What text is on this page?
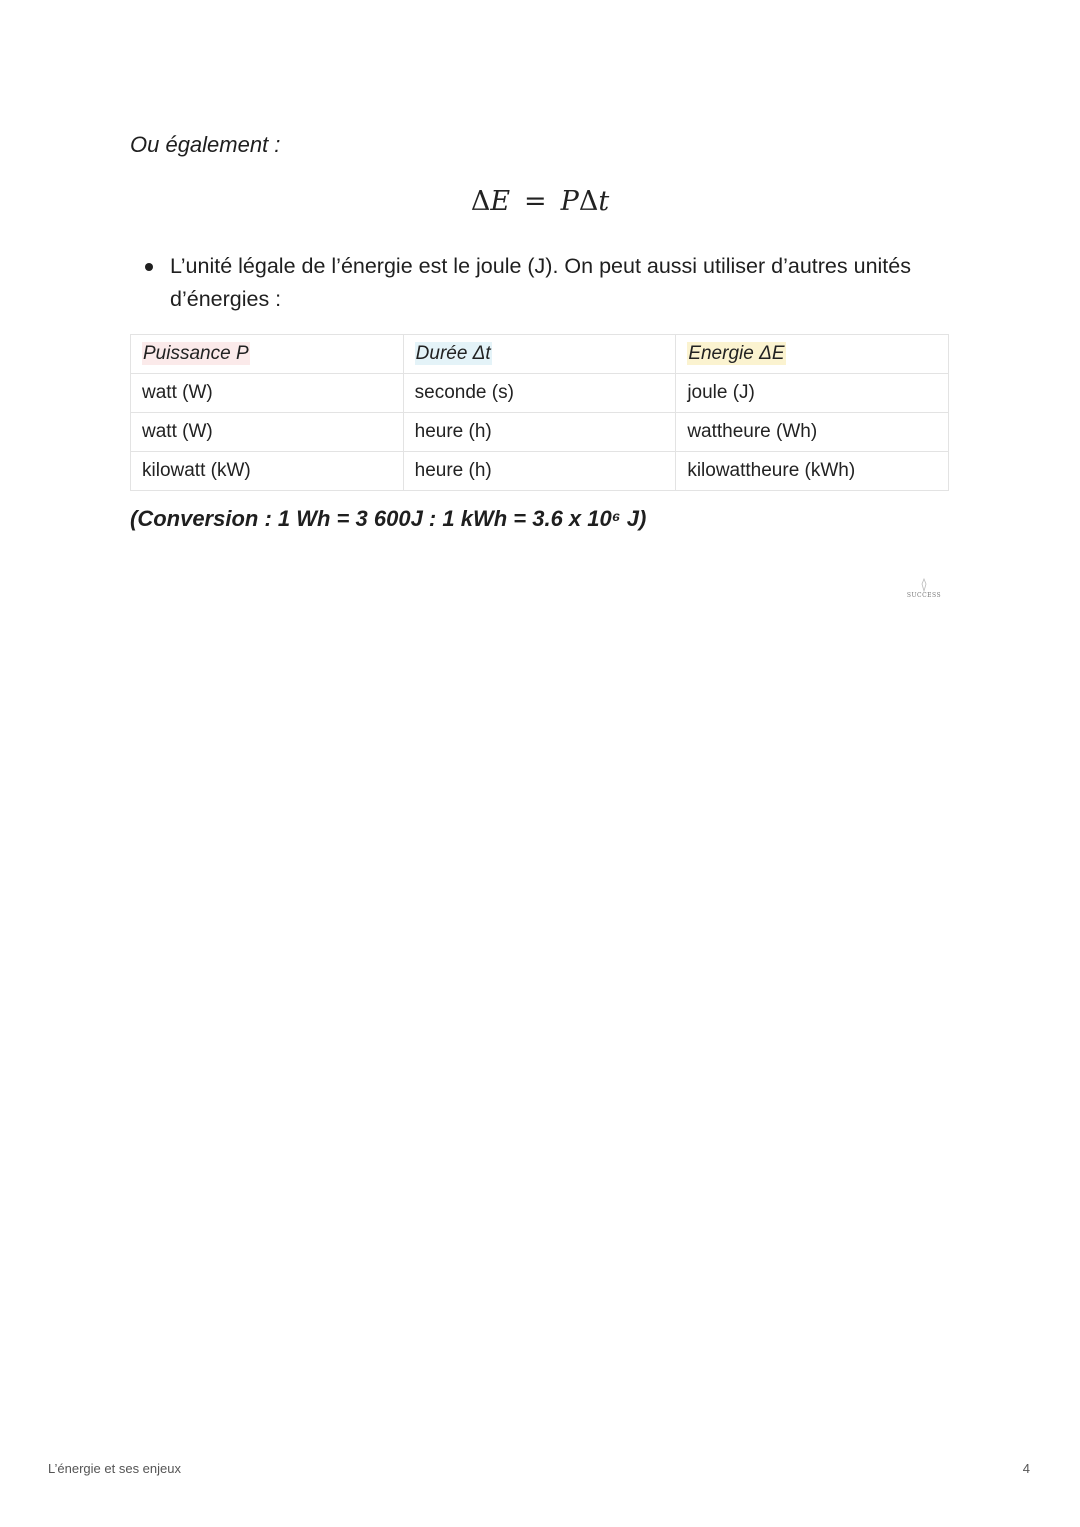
Ou également :

ΔE = PΔt
L’unité légale de l’énergie est le joule (J). On peut aussi utiliser d’autres unités d’énergies :
Puissance P	Durée Δt	Energie ΔE
watt (W)	seconde (s)	joule (J)
watt (W)	heure (h)	wattheure (Wh)
kilowatt (kW)	heure (h)	kilowattheure (kWh)

(Conversion : 1 Wh = 3 600J : 1 kWh = 3.6 x 10⁶ J)

SUCCESS
L’énergie et ses enjeux	4
